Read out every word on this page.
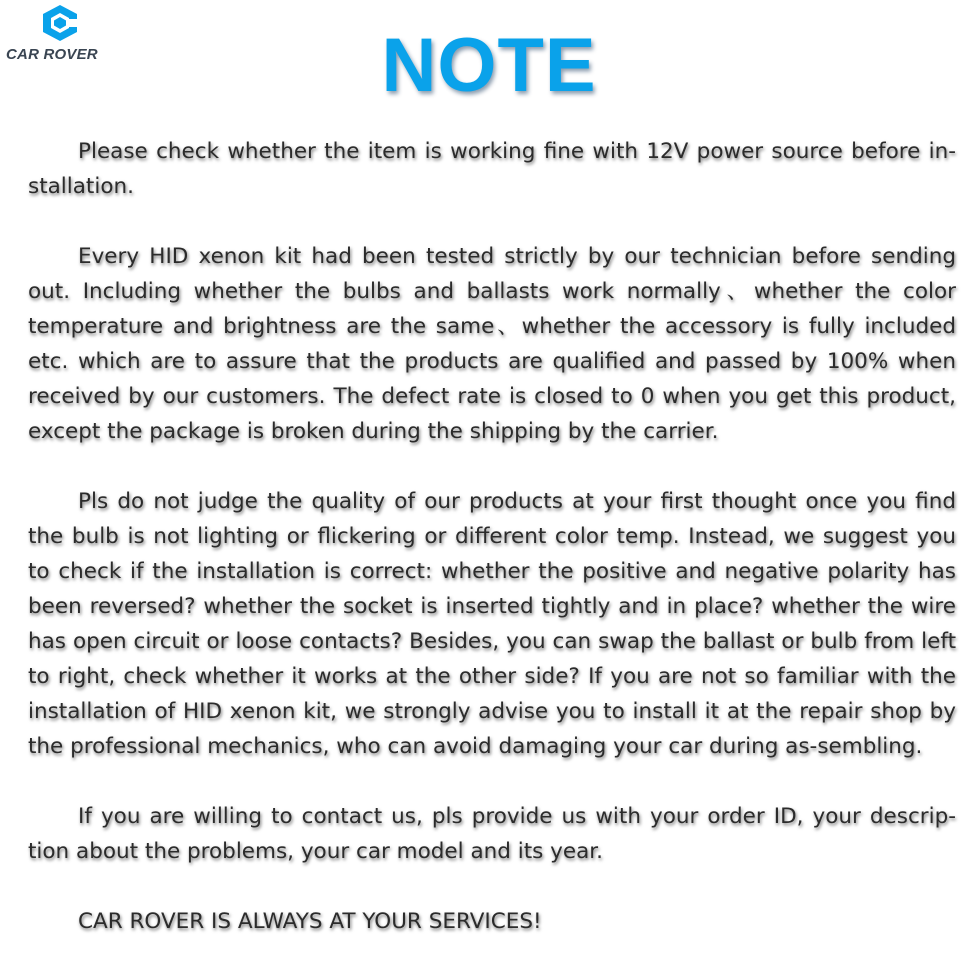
CAR ROVER	NOTE

Please check whether the item is working fine with 12V power source before in-stallation.

Every HID xenon kit had been tested strictly by our technician before sending out. Including whether the bulbs and ballasts work normally、whether the color temperature and brightness are the same、whether the accessory is fully included etc. which are to assure that the products are qualified and passed by 100% when received by our customers. The defect rate is closed to 0 when you get this product, except the package is broken during the shipping by the carrier.

Pls do not judge the quality of our products at your first thought once you find the bulb is not lighting or flickering or different color temp. Instead, we suggest you to check if the installation is correct: whether the positive and negative polarity has been reversed? whether the socket is inserted tightly and in place? whether the wire has open circuit or loose contacts? Besides, you can swap the ballast or bulb from left to right, check whether it works at the other side? If you are not so familiar with the installation of HID xenon kit, we strongly advise you to install it at the repair shop by the professional mechanics, who can avoid damaging your car during as-sembling.

If you are willing to contact us, pls provide us with your order ID, your descrip-tion about the problems, your car model and its year.

CAR ROVER IS ALWAYS AT YOUR SERVICES!
